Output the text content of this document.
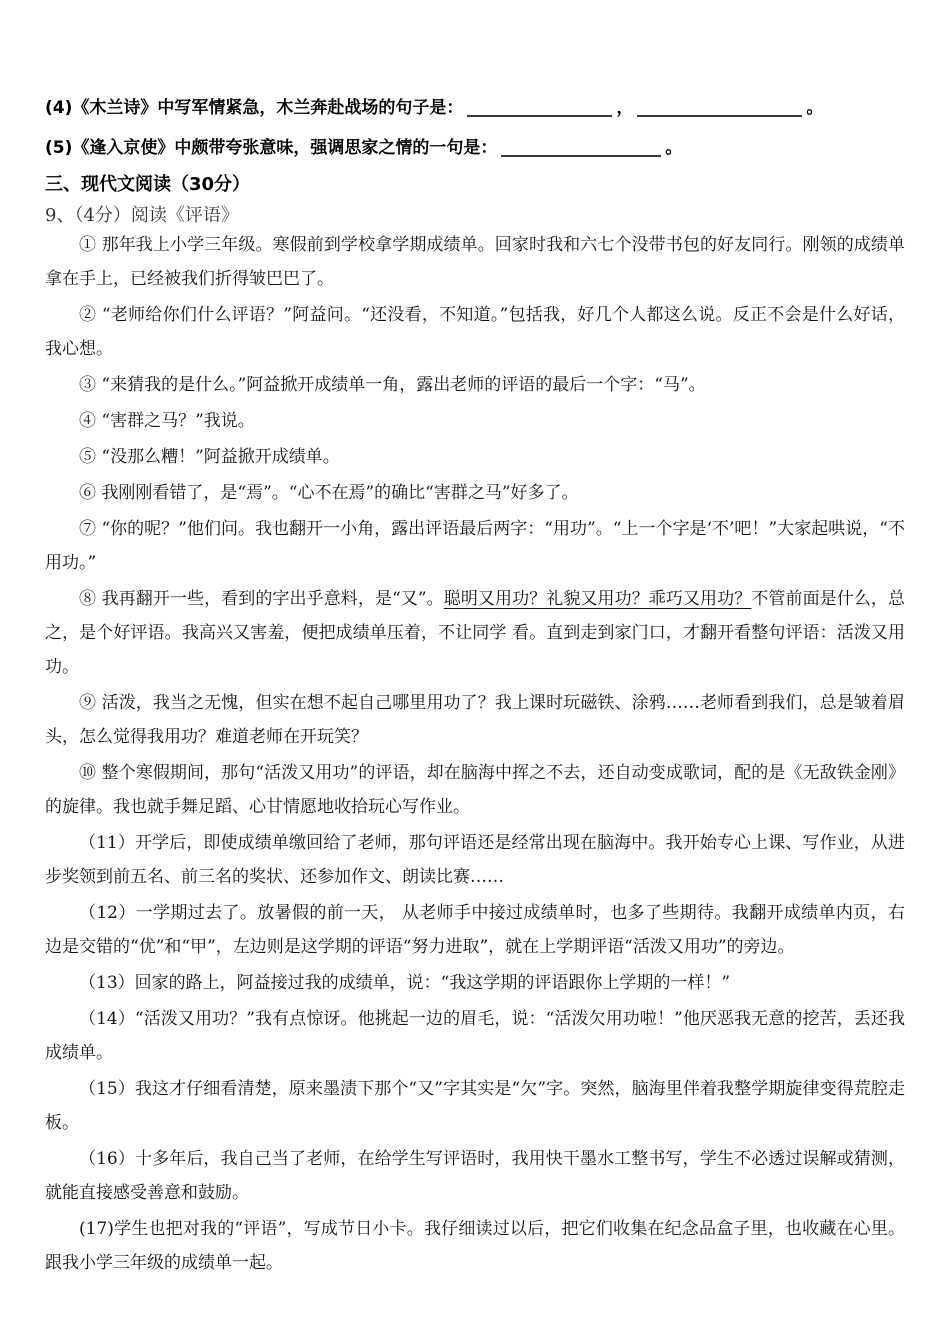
(4)《木兰诗》中写军情紧急，木兰奔赴战场的句子是：	，	。
(5)《逢入京使》中颇带夸张意味，强调思家之情的一句是：	。
三、现代文阅读（30分）
9、（4分）阅读《评语》

① 那年我上小学三年级。寒假前到学校拿学期成绩单。回家时我和六七个没带书包的好友同行。刚领的成绩单拿在手上，已经被我们折得皱巴巴了。

② “老师给你们什么评语？”阿益问。“还没看，不知道。”包括我，好几个人都这么说。反正不会是什么好话，我心想。

③ “来猜我的是什么。”阿益掀开成绩单一角，露出老师的评语的最后一个字：“马”。

④ “害群之马？”我说。

⑤ “没那么糟！”阿益掀开成绩单。

⑥ 我刚刚看错了，是“焉”。“心不在焉”的确比“害群之马”好多了。

⑦ “你的呢？”他们问。我也翻开一小角，露出评语最后两字：“用功”。“上一个字是‘不’吧！”大家起哄说，“不用功。”

⑧ 我再翻开一些，看到的字出乎意料，是“又”。聪明又用功？礼貌又用功？乖巧又用功？不管前面是什么，总之，是个好评语。我高兴又害羞，便把成绩单压着，不让同学 看。直到走到家门口，才翻开看整句评语：活泼又用功。

⑨ 活泼，我当之无愧，但实在想不起自己哪里用功了？我上课时玩磁铁、涂鸦……老师看到我们，总是皱着眉头，怎么觉得我用功？难道老师在开玩笑？

⑩ 整个寒假期间，那句“活泼又用功”的评语，却在脑海中挥之不去，还自动变成歌词，配的是《无敌铁金刚》的旋律。我也就手舞足蹈、心甘情愿地收拾玩心写作业。

（11）开学后，即使成绩单缴回给了老师，那句评语还是经常出现在脑海中。我开始专心上课、写作业，从进步奖领到前五名、前三名的奖状、还参加作文、朗读比赛……

（12）一学期过去了。放暑假的前一天， 从老师手中接过成绩单时，也多了些期待。我翻开成绩单内页，右边是交错的“优”和“甲”，左边则是这学期的评语“努力进取”，就在上学期评语“活泼又用功”的旁边。

（13）回家的路上，阿益接过我的成绩单，说：“我这学期的评语跟你上学期的一样！”

（14）“活泼又用功？”我有点惊讶。他挑起一边的眉毛，说：“活泼欠用功啦！”他厌恶我无意的挖苦，丢还我成绩单。

（15）我这才仔细看清楚，原来墨渍下那个“又”字其实是“欠”字。突然，脑海里伴着我整学期旋律变得荒腔走板。

（16）十多年后，我自己当了老师，在给学生写评语时，我用快干墨水工整书写，学生不必透过误解或猜测，就能直接感受善意和鼓励。

(17)学生也把对我的“评语”，写成节日小卡。我仔细读过以后，把它们收集在纪念品盒子里，也收藏在心里。跟我小学三年级的成绩单一起。
